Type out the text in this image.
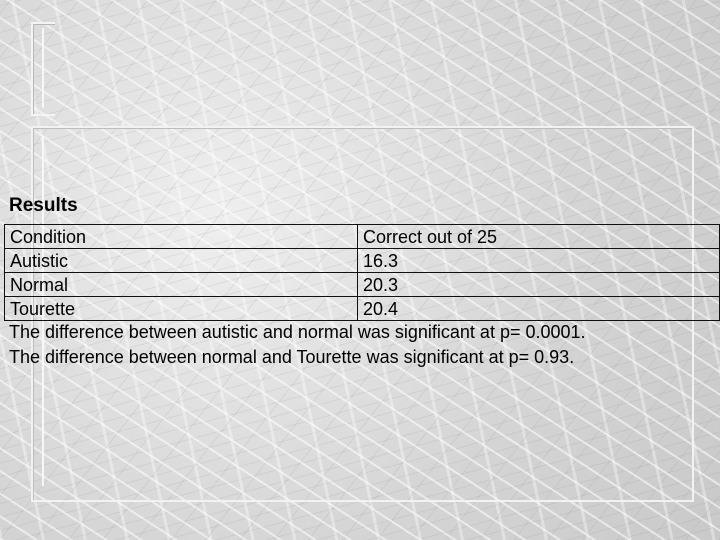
Results
Condition	Correct out of 25
Autistic	16.3
Normal	20.3
Tourette	20.4
The difference between autistic and normal was significant at p= 0.0001.
The difference between normal and Tourette was significant at p= 0.93.
